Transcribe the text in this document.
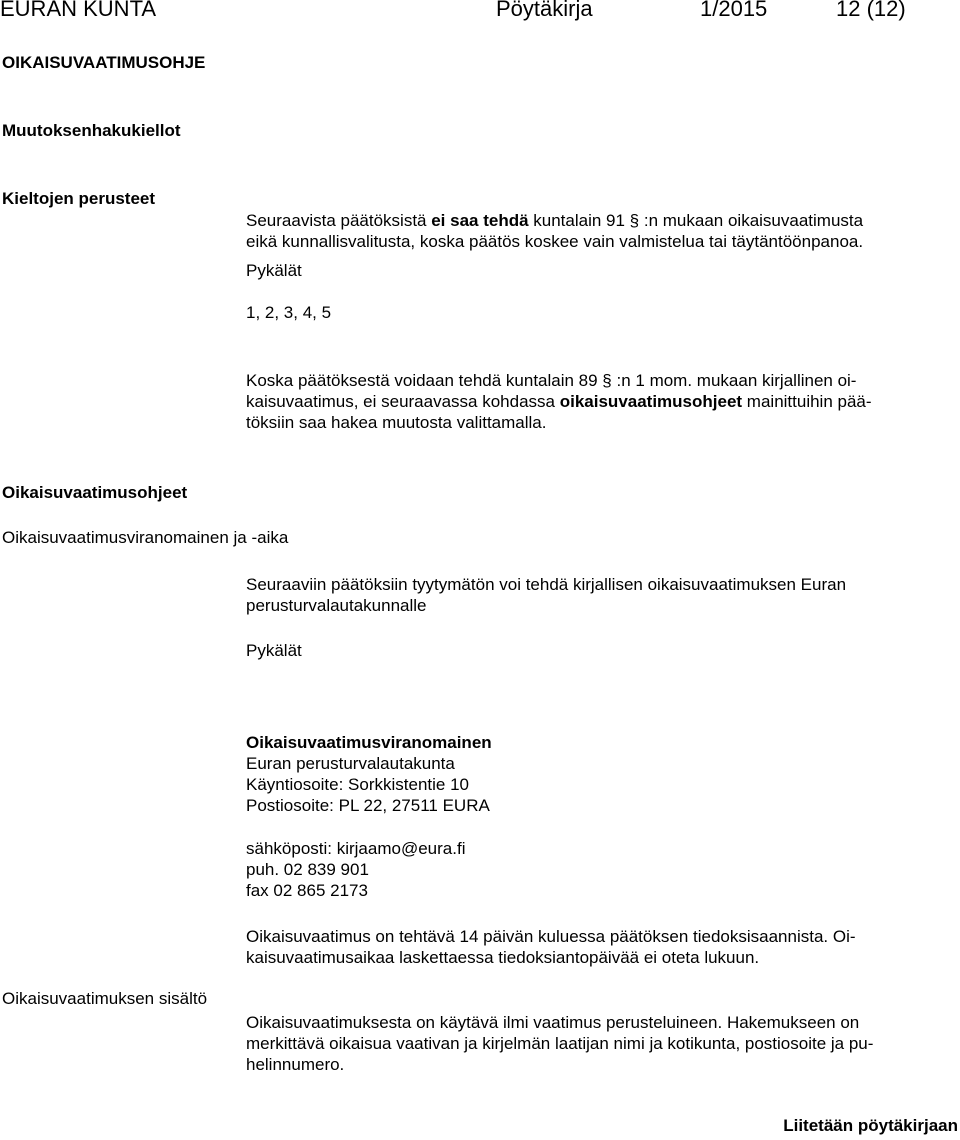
EURAN KUNTA	Pöytäkirja	1/2015	12 (12)
OIKAISUVAATIMUSOHJE
Muutoksenhakukiellot
Kieltojen perusteet
Seuraavista päätöksistä ei saa tehdä kuntalain 91 § :n mukaan oikaisuvaatimusta
eikä kunnallisvalitusta, koska päätös koskee vain valmistelua tai täytäntöönpanoa.
Pykälät
1, 2, 3, 4, 5
Koska päätöksestä voidaan tehdä kuntalain 89 § :n 1 mom. mukaan kirjallinen oi-
kaisuvaatimus, ei seuraavassa kohdassa oikaisuvaatimusohjeet mainittuihin pää-
töksiin saa hakea muutosta valittamalla.
Oikaisuvaatimusohjeet
Oikaisuvaatimusviranomainen ja -aika
Seuraaviin päätöksiin tyytymätön voi tehdä kirjallisen oikaisuvaatimuksen Euran
perusturvalautakunnalle
Pykälät
Oikaisuvaatimusviranomainen
Euran perusturvalautakunta
Käyntiosoite: Sorkkistentie 10
Postiosoite: PL 22, 27511 EURA
sähköposti: kirjaamo@eura.fi
puh. 02 839 901
fax 02 865 2173
Oikaisuvaatimus on tehtävä 14 päivän kuluessa päätöksen tiedoksisaannista. Oi-
kaisuvaatimusaikaa laskettaessa tiedoksiantopäivää ei oteta lukuun.
Oikaisuvaatimuksen sisältö
Oikaisuvaatimuksesta on käytävä ilmi vaatimus perusteluineen. Hakemukseen on
merkittävä oikaisua vaativan ja kirjelmän laatijan nimi ja kotikunta, postiosoite ja pu-
helinnumero.
Liitetään pöytäkirjaan
